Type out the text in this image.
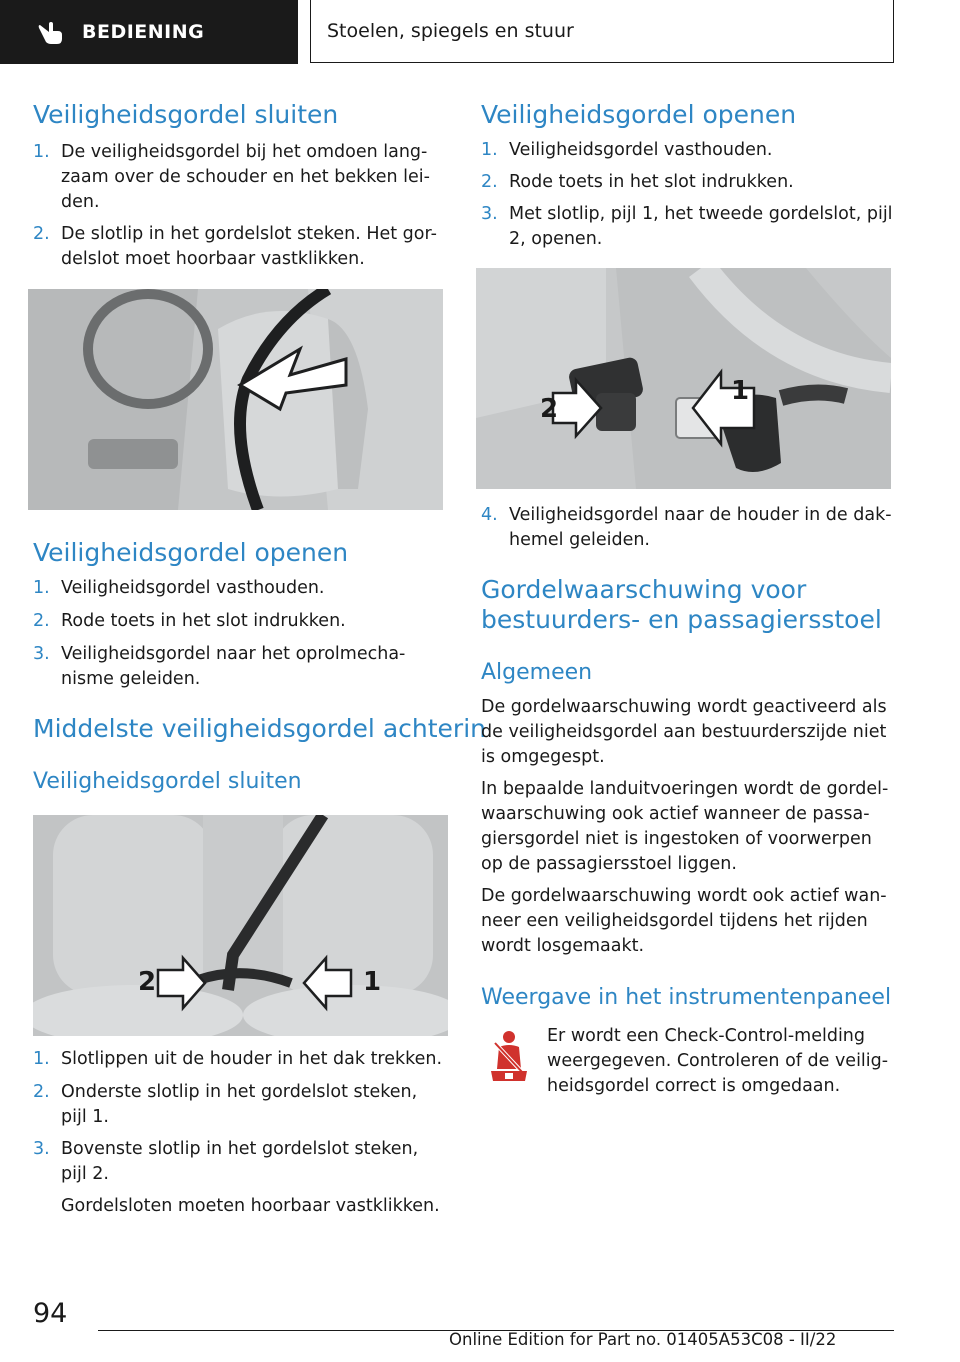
BEDIENING	Stoelen, spiegels en stuur
Veiligheidsgordel sluiten
1. De veiligheidsgordel bij het omdoen lang-zaam over de schouder en het bekken lei-den.
2. De slotlip in het gordelslot steken. Het gor-delslot moet hoorbaar vastklikken.
Veiligheidsgordel openen
1. Veiligheidsgordel vasthouden.
2. Rode toets in het slot indrukken.
3. Veiligheidsgordel naar het oprolmecha-nisme geleiden.
Middelste veiligheidsgordel achterin
Veiligheidsgordel sluiten
2	1
1. Slotlippen uit de houder in het dak trekken.
2. Onderste slotlip in het gordelslot steken, pijl 1.
3. Bovenste slotlip in het gordelslot steken, pijl 2.
Gordelsloten moeten hoorbaar vastklikken.
Veiligheidsgordel openen
1. Veiligheidsgordel vasthouden.
2. Rode toets in het slot indrukken.
3. Met slotlip, pijl 1, het tweede gordelslot, pijl 2, openen.
2
1
4. Veiligheidsgordel naar de houder in de dak-hemel geleiden.
Gordelwaarschuwing voor
bestuurders- en passagiersstoel
Algemeen
De gordelwaarschuwing wordt geactiveerd als de veiligheidsgordel aan bestuurderszijde niet is omgegespt.
In bepaalde landuitvoeringen wordt de gordel-waarschuwing ook actief wanneer de passa-giersgordel niet is ingestoken of voorwerpen op de passagiersstoel liggen.
De gordelwaarschuwing wordt ook actief wan-neer een veiligheidsgordel tijdens het rijden wordt losgemaakt.
Weergave in het instrumentenpaneel
Er wordt een Check-Control-melding weergegeven. Controleren of de veilig-heidsgordel correct is omgedaan.
94
Online Edition for Part no. 01405A53C08 - II/22
